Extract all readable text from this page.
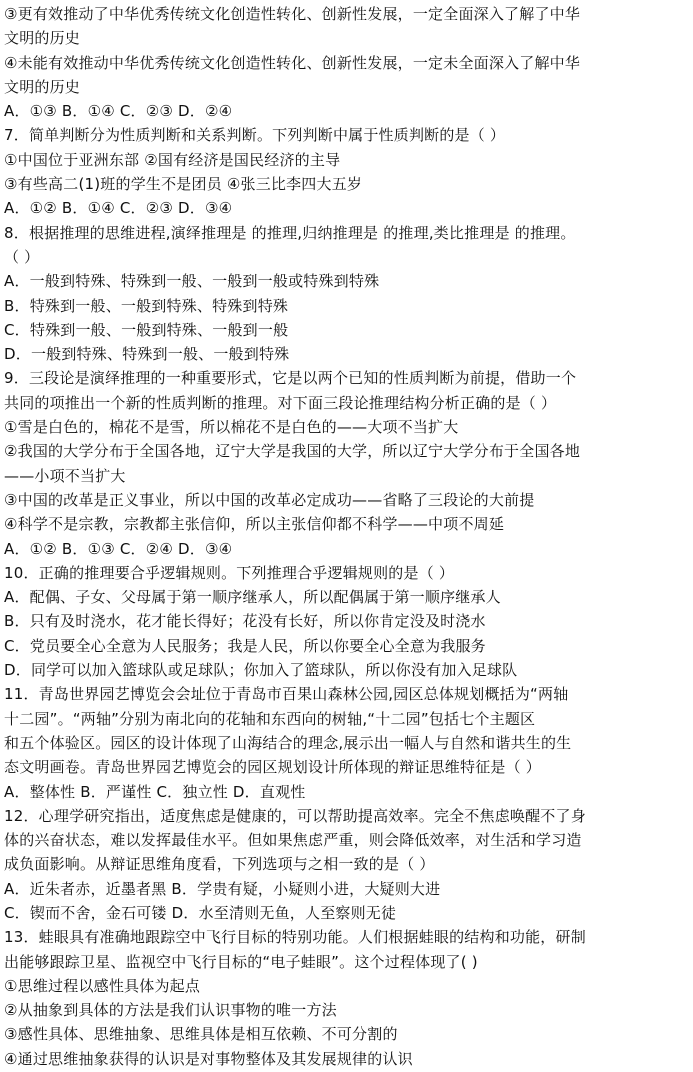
③更有效推动了中华优秀传统文化创造性转化、创新性发展，一定全面深入了解了中华
文明的历史
④未能有效推动中华优秀传统文化创造性转化、创新性发展，一定未全面深入了解中华
文明的历史
A．①③ B．①④ C．②③ D．②④
7．简单判断分为性质判断和关系判断。下列判断中属于性质判断的是（ ）
①中国位于亚洲东部 ②国有经济是国民经济的主导
③有些高二(1)班的学生不是团员 ④张三比李四大五岁
A．①② B．①④ C．②③ D．③④
8．根据推理的思维进程,演绎推理是 的推理,归纳推理是 的推理,类比推理是 的推理。
（ ）
A．一般到特殊、特殊到一般、一般到一般或特殊到特殊
B．特殊到一般、一般到特殊、特殊到特殊
C．特殊到一般、一般到特殊、一般到一般
D．一般到特殊、特殊到一般、一般到特殊
9．三段论是演绎推理的一种重要形式，它是以两个已知的性质判断为前提，借助一个
共同的项推出一个新的性质判断的推理。对下面三段论推理结构分析正确的是（ ）
①雪是白色的，棉花不是雪，所以棉花不是白色的——大项不当扩大
②我国的大学分布于全国各地，辽宁大学是我国的大学，所以辽宁大学分布于全国各地
——小项不当扩大
③中国的改革是正义事业，所以中国的改革必定成功——省略了三段论的大前提
④科学不是宗教，宗教都主张信仰，所以主张信仰都不科学——中项不周延
A．①② B．①③ C．②④ D．③④
10．正确的推理要合乎逻辑规则。下列推理合乎逻辑规则的是（ ）
A．配偶、子女、父母属于第一顺序继承人，所以配偶属于第一顺序继承人
B．只有及时浇水，花才能长得好；花没有长好，所以你肯定没及时浇水
C．党员要全心全意为人民服务；我是人民，所以你要全心全意为我服务
D．同学可以加入篮球队或足球队；你加入了篮球队，所以你没有加入足球队
11．青岛世界园艺博览会会址位于青岛市百果山森林公园,园区总体规划概括为“两轴
十二园”。“两轴”分别为南北向的花轴和东西向的树轴,“十二园”包括七个主题区
和五个体验区。园区的设计体现了山海结合的理念,展示出一幅人与自然和谐共生的生
态文明画卷。青岛世界园艺博览会的园区规划设计所体现的辩证思维特征是（ ）
A．整体性 B．严谨性 C．独立性 D．直观性
12．心理学研究指出，适度焦虑是健康的，可以帮助提高效率。完全不焦虑唤醒不了身
体的兴奋状态，难以发挥最佳水平。但如果焦虑严重，则会降低效率，对生活和学习造
成负面影响。从辩证思维角度看，下列选项与之相一致的是（ ）
A．近朱者赤，近墨者黑 B．学贵有疑，小疑则小进，大疑则大进
C．锲而不舍，金石可镂 D．水至清则无鱼，人至察则无徒
13．蛙眼具有准确地跟踪空中飞行目标的特别功能。人们根据蛙眼的结构和功能，研制
出能够跟踪卫星、监视空中飞行目标的“电子蛙眼”。这个过程体现了( )
①思维过程以感性具体为起点
②从抽象到具体的方法是我们认识事物的唯一方法
③感性具体、思维抽象、思维具体是相互依赖、不可分割的
④通过思维抽象获得的认识是对事物整体及其发展规律的认识
